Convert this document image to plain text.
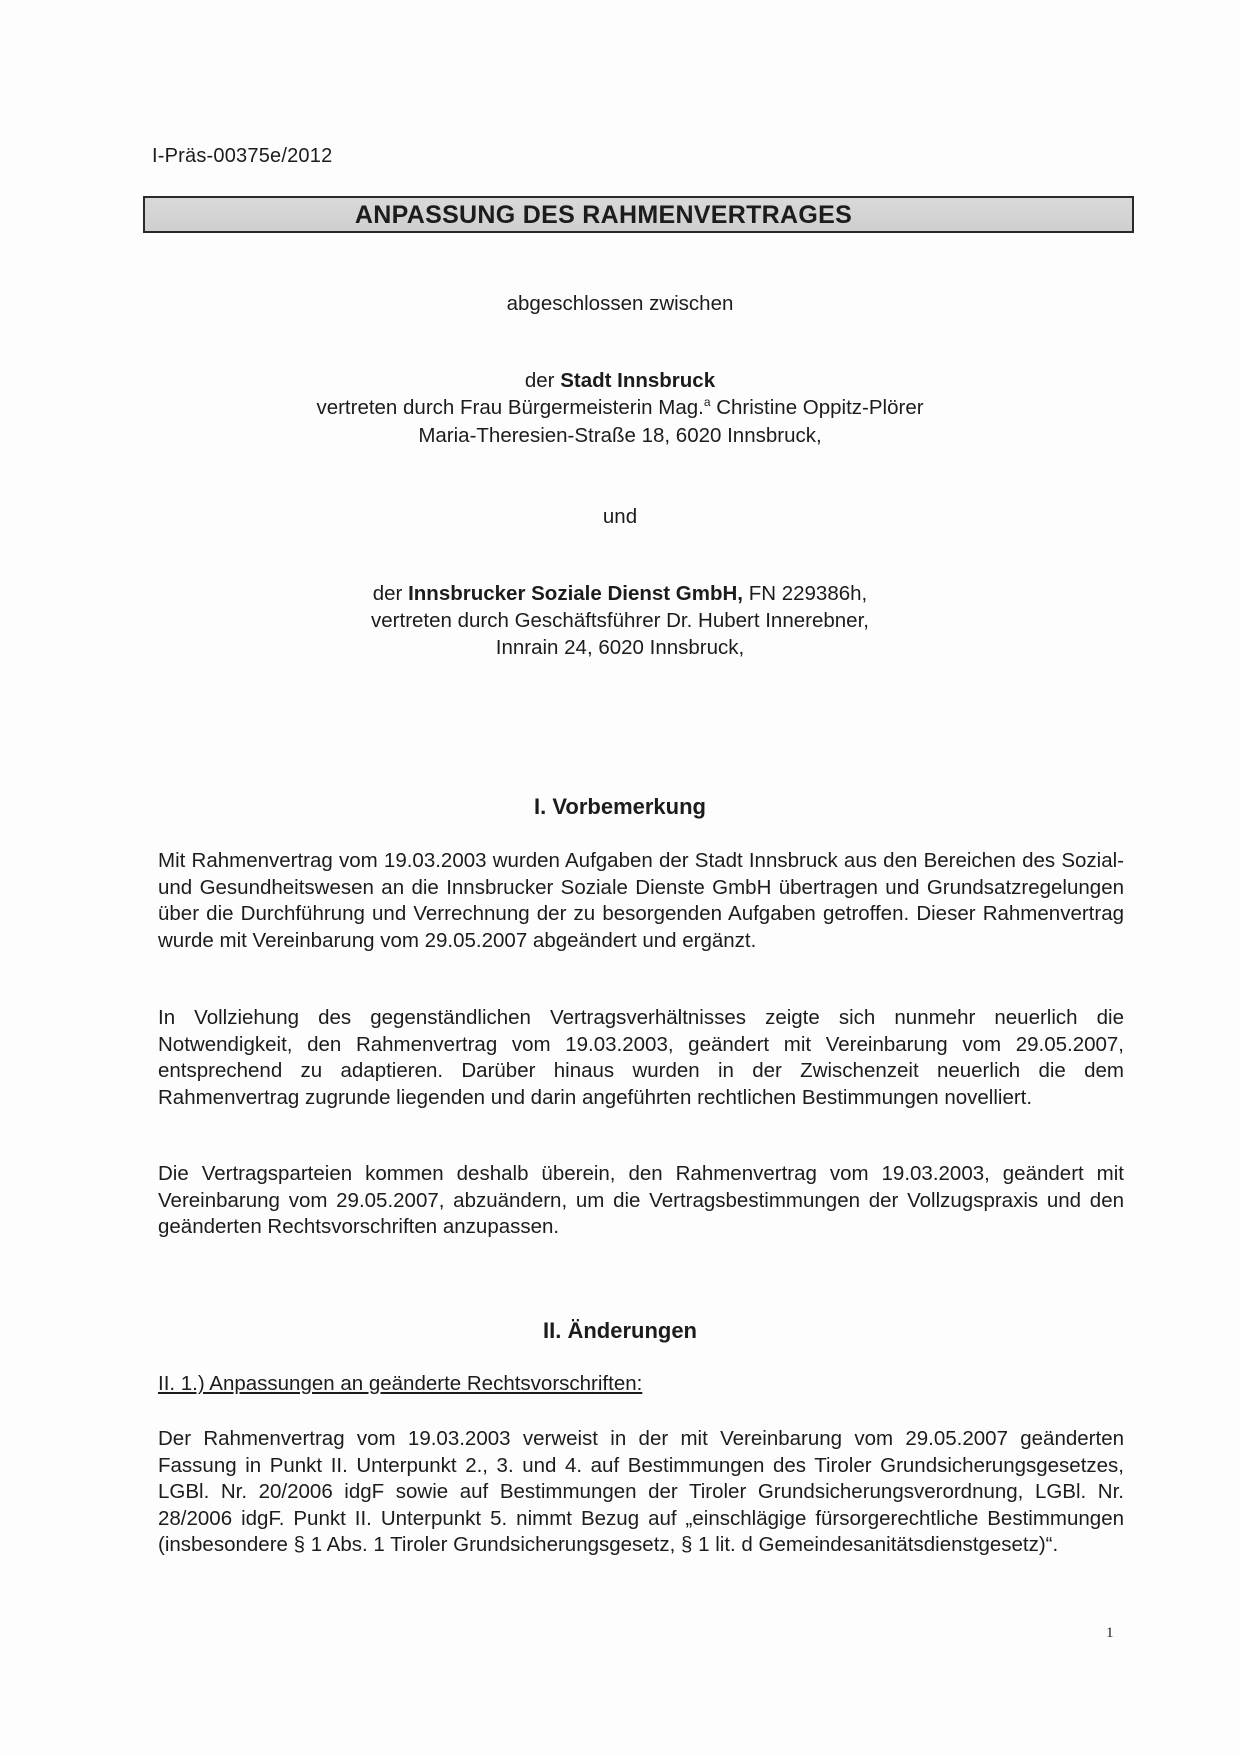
I-Präs-00375e/2012
ANPASSUNG DES RAHMENVERTRAGES
abgeschlossen zwischen
der Stadt Innsbruck
vertreten durch Frau Bürgermeisterin Mag.$^a$ Christine Oppitz-Plörer
Maria-Theresien-Straße 18, 6020 Innsbruck,
und
der Innsbrucker Soziale Dienst GmbH, FN 229386h,
vertreten durch Geschäftsführer Dr. Hubert Innerebner,
Innrain 24, 6020 Innsbruck,
I. Vorbemerkung
Mit Rahmenvertrag vom 19.03.2003 wurden Aufgaben der Stadt Innsbruck aus den Bereichen des Sozial- und Gesundheitswesen an die Innsbrucker Soziale Dienste GmbH übertragen und Grundsatzregelungen über die Durchführung und Verrechnung der zu besorgenden Aufgaben getroffen. Dieser Rahmenvertrag wurde mit Vereinbarung vom 29.05.2007 abgeändert und ergänzt.
In Vollziehung des gegenständlichen Vertragsverhältnisses zeigte sich nunmehr neuerlich die Notwendigkeit, den Rahmenvertrag vom 19.03.2003, geändert mit Vereinbarung vom 29.05.2007, entsprechend zu adaptieren. Darüber hinaus wurden in der Zwischenzeit neuerlich die dem Rahmenvertrag zugrunde liegenden und darin angeführten rechtlichen Bestimmungen novelliert.
Die Vertragsparteien kommen deshalb überein, den Rahmenvertrag vom 19.03.2003, geändert mit Vereinbarung vom 29.05.2007, abzuändern, um die Vertragsbestimmungen der Vollzugspraxis und den geänderten Rechtsvorschriften anzupassen.
II. Änderungen
II. 1.) Anpassungen an geänderte Rechtsvorschriften:
Der Rahmenvertrag vom 19.03.2003 verweist in der mit Vereinbarung vom 29.05.2007 geänderten Fassung in Punkt II. Unterpunkt 2., 3. und 4. auf Bestimmungen des Tiroler Grundsicherungsgesetzes, LGBl. Nr. 20/2006 idgF sowie auf Bestimmungen der Tiroler Grundsicherungsverordnung, LGBl. Nr. 28/2006 idgF. Punkt II. Unterpunkt 5. nimmt Bezug auf „einschlägige fürsorgerechtliche Bestimmungen (insbesondere § 1 Abs. 1 Tiroler Grundsicherungsgesetz, § 1 lit. d Gemeindesanitätsdienstgesetz)“.
1
